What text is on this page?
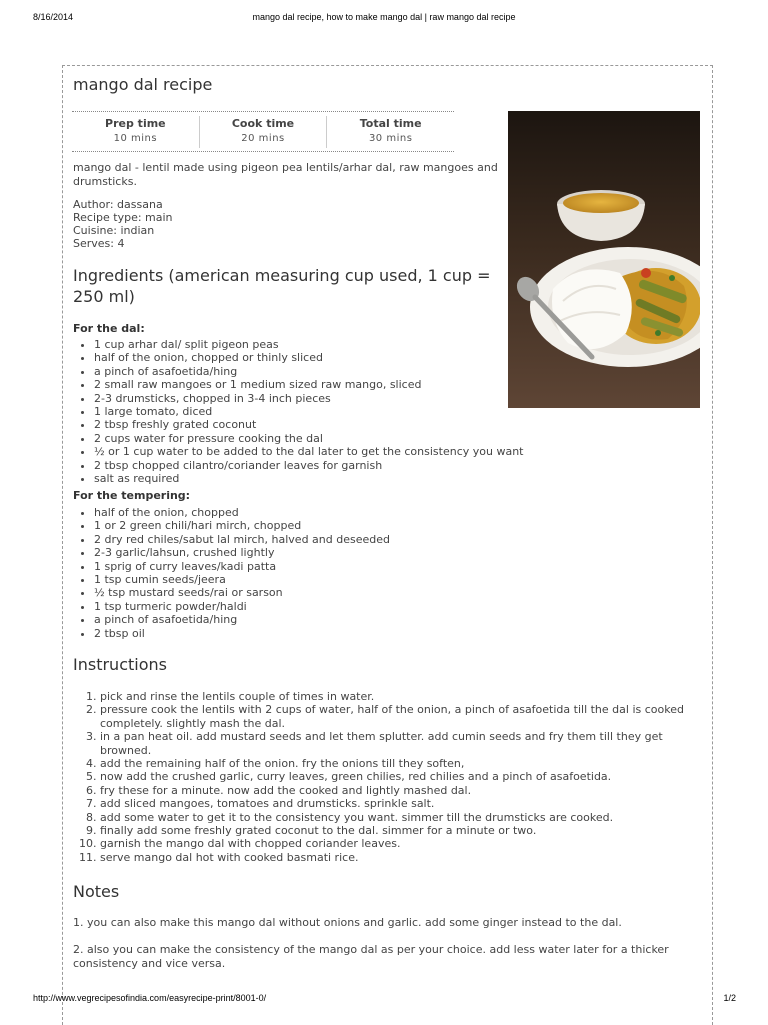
8/16/2014	mango dal recipe, how to make mango dal | raw mango dal recipe
mango dal recipe
Prep time
10 mins
Cook time
20 mins
Total time
30 mins

mango dal - lentil made using pigeon pea lentils/arhar dal, raw mangoes and drumsticks.

Author: dassana

Recipe type: main

Cuisine: indian

Serves: 4

Ingredients (american measuring cup used, 1 cup = 250 ml)

For the dal:

• 1 cup arhar dal/ split pigeon peas
• half of the onion, chopped or thinly sliced
• a pinch of asafoetida/hing
• 2 small raw mangoes or 1 medium sized raw mango, sliced
• 2-3 drumsticks, chopped in 3-4 inch pieces
• 1 large tomato, diced
• 2 tbsp freshly grated coconut
• 2 cups water for pressure cooking the dal
• ½ or 1 cup water to be added to the dal later to get the consistency you want
• 2 tbsp chopped cilantro/coriander leaves for garnish
• salt as required

For the tempering:

• half of the onion, chopped
• 1 or 2 green chili/hari mirch, chopped
• 2 dry red chiles/sabut lal mirch, halved and deseeded
• 2-3 garlic/lahsun, crushed lightly
• 1 sprig of curry leaves/kadi patta
• 1 tsp cumin seeds/jeera
• ½ tsp mustard seeds/rai or sarson
• 1 tsp turmeric powder/haldi
• a pinch of asafoetida/hing
• 2 tbsp oil
Instructions
1. pick and rinse the lentils couple of times in water.
2. pressure cook the lentils with 2 cups of water, half of the onion, a pinch of asafoetida till the dal is cooked completely. slightly mash the dal.
3. in a pan heat oil. add mustard seeds and let them splutter. add cumin seeds and fry them till they get browned.
4. add the remaining half of the onion. fry the onions till they soften,
5. now add the crushed garlic, curry leaves, green chilies, red chilies and a pinch of asafoetida.
6. fry these for a minute. now add the cooked and lightly mashed dal.
7. add sliced mangoes, tomatoes and drumsticks. sprinkle salt.
8. add some water to get it to the consistency you want. simmer till the drumsticks are cooked.
9. finally add some freshly grated coconut to the dal. simmer for a minute or two.
10. garnish the mango dal with chopped coriander leaves.
11. serve mango dal hot with cooked basmati rice.
Notes

1. you can also make this mango dal without onions and garlic. add some ginger instead to the dal.

2. also you can make the consistency of the mango dal as per your choice. add less water later for a thicker consistency and vice versa.

http://www.vegrecipesofindia.com/easyrecipe-print/8001-0/	1/2
